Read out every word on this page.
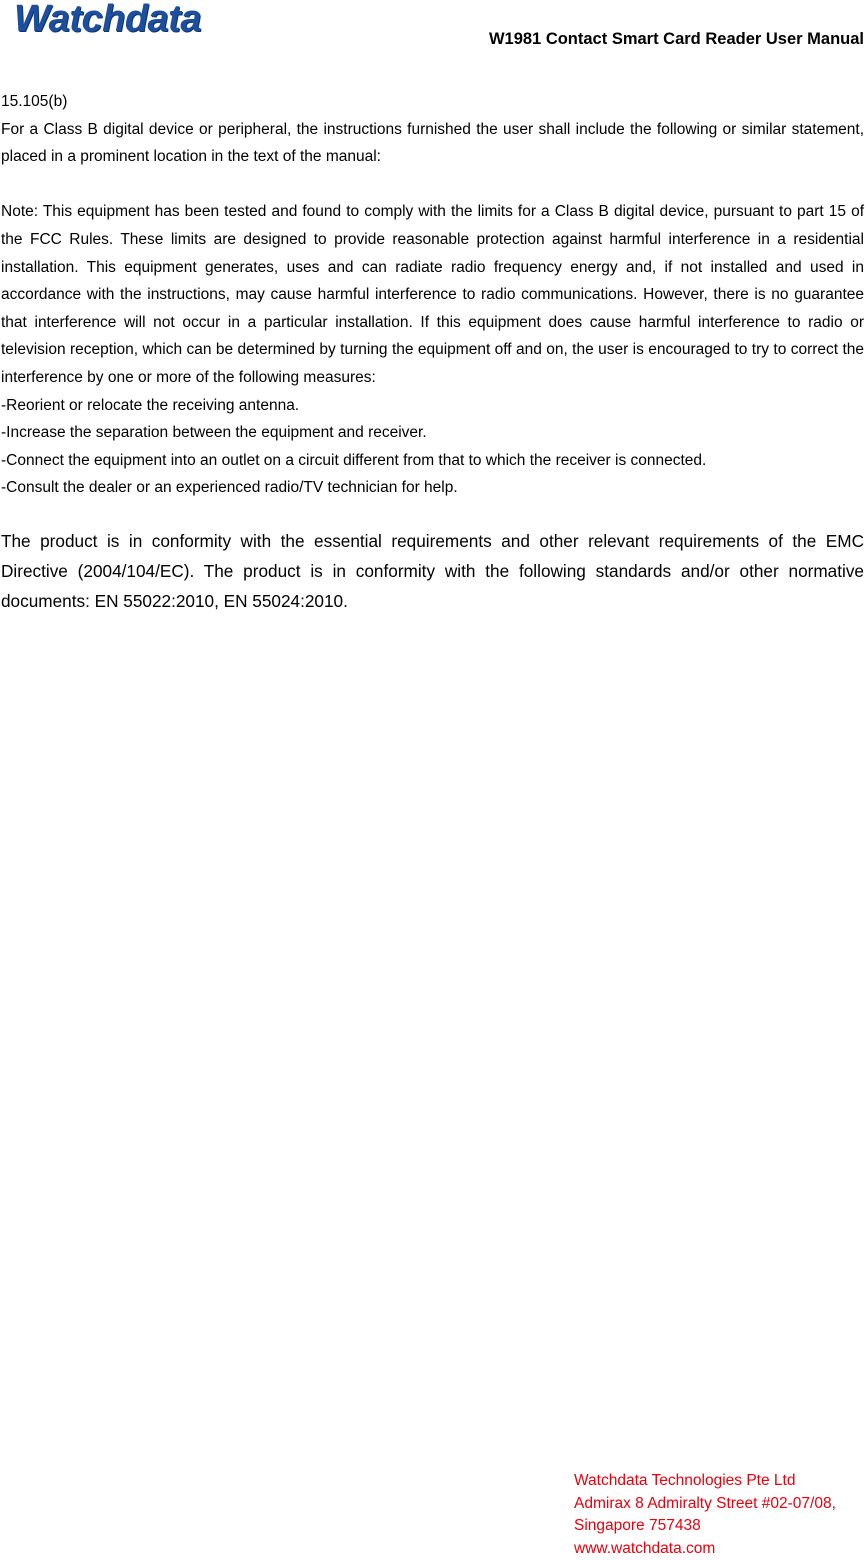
Watchdata	W1981 Contact Smart Card Reader User Manual

15.105(b)

For a Class B digital device or peripheral, the instructions furnished the user shall include the following or similar statement, placed in a prominent location in the text of the manual:

Note: This equipment has been tested and found to comply with the limits for a Class B digital device, pursuant to part 15 of the FCC Rules. These limits are designed to provide reasonable protection against harmful interference in a residential installation. This equipment generates, uses and can radiate radio frequency energy and, if not installed and used in accordance with the instructions, may cause harmful interference to radio communications. However, there is no guarantee that interference will not occur in a particular installation. If this equipment does cause harmful interference to radio or television reception, which can be determined by turning the equipment off and on, the user is encouraged to try to correct the interference by one or more of the following measures:

-Reorient or relocate the receiving antenna.

-Increase the separation between the equipment and receiver.

-Connect the equipment into an outlet on a circuit different from that to which the receiver is connected.

-Consult the dealer or an experienced radio/TV technician for help.

The product is in conformity with the essential requirements and other relevant requirements of the EMC Directive (2004/104/EC). The product is in conformity with the following standards and/or other normative documents: EN 55022:2010, EN 55024:2010.

Watchdata Technologies Pte Ltd
Admirax 8 Admiralty Street #02-07/08,
Singapore 757438
www.watchdata.com
